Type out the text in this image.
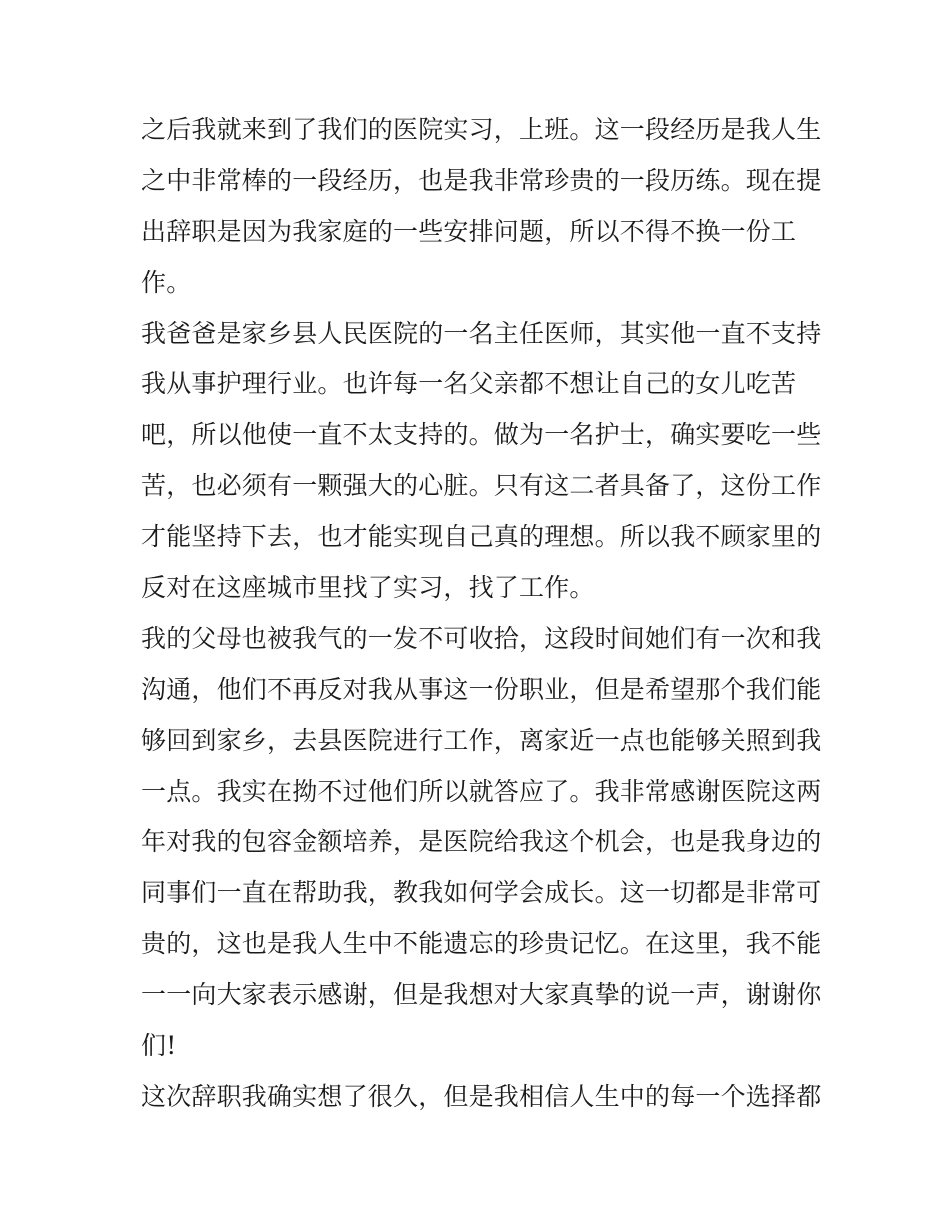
之后我就来到了我们的医院实习，上班。这一段经历是我人生
之中非常棒的一段经历，也是我非常珍贵的一段历练。现在提
出辞职是因为我家庭的一些安排问题，所以不得不换一份工
作。
我爸爸是家乡县人民医院的一名主任医师，其实他一直不支持
我从事护理行业。也许每一名父亲都不想让自己的女儿吃苦
吧，所以他使一直不太支持的。做为一名护士，确实要吃一些
苦，也必须有一颗强大的心脏。只有这二者具备了，这份工作
才能坚持下去，也才能实现自己真的理想。所以我不顾家里的
反对在这座城市里找了实习，找了工作。
我的父母也被我气的一发不可收拾，这段时间她们有一次和我
沟通，他们不再反对我从事这一份职业，但是希望那个我们能
够回到家乡，去县医院进行工作，离家近一点也能够关照到我
一点。我实在拗不过他们所以就答应了。我非常感谢医院这两
年对我的包容金额培养，是医院给我这个机会，也是我身边的
同事们一直在帮助我，教我如何学会成长。这一切都是非常可
贵的，这也是我人生中不能遗忘的珍贵记忆。在这里，我不能
一一向大家表示感谢，但是我想对大家真挚的说一声，谢谢你
们!
这次辞职我确实想了很久，但是我相信人生中的每一个选择都
